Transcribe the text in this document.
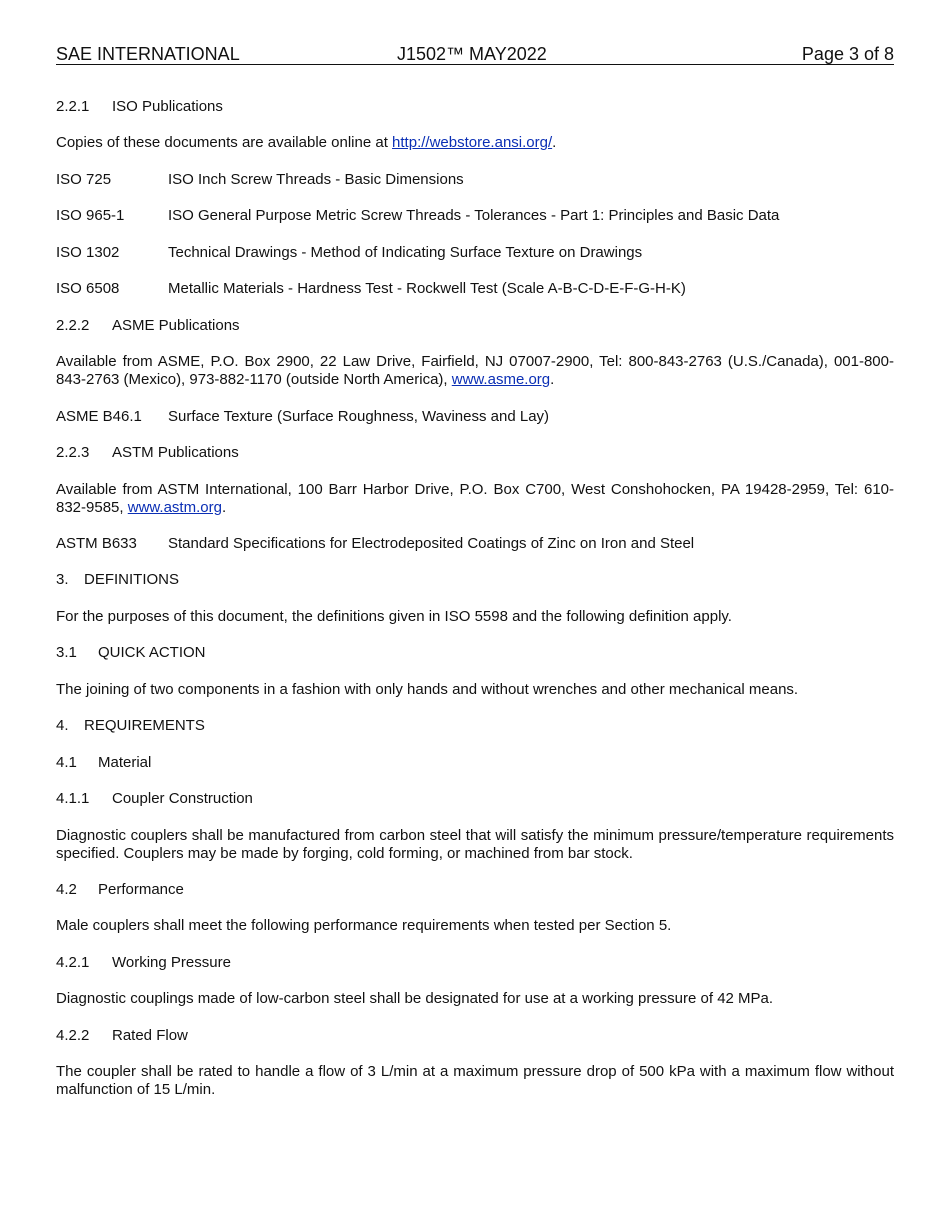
SAE INTERNATIONAL	J1502™ MAY2022	Page 3 of 8
2.2.1 ISO Publications
Copies of these documents are available online at http://webstore.ansi.org/.
ISO 725	ISO Inch Screw Threads - Basic Dimensions
ISO 965-1	ISO General Purpose Metric Screw Threads - Tolerances - Part 1: Principles and Basic Data
ISO 1302	Technical Drawings - Method of Indicating Surface Texture on Drawings
ISO 6508	Metallic Materials - Hardness Test - Rockwell Test (Scale A-B-C-D-E-F-G-H-K)
2.2.2 ASME Publications
Available from ASME, P.O. Box 2900, 22 Law Drive, Fairfield, NJ 07007-2900, Tel: 800-843-2763 (U.S./Canada), 001-800-843-2763 (Mexico), 973-882-1170 (outside North America), www.asme.org.
ASME B46.1 Surface Texture (Surface Roughness, Waviness and Lay)
2.2.3 ASTM Publications
Available from ASTM International, 100 Barr Harbor Drive, P.O. Box C700, West Conshohocken, PA 19428-2959, Tel: 610-832-9585, www.astm.org.
ASTM B633 Standard Specifications for Electrodeposited Coatings of Zinc on Iron and Steel
3. DEFINITIONS
For the purposes of this document, the definitions given in ISO 5598 and the following definition apply.
3.1 QUICK ACTION
The joining of two components in a fashion with only hands and without wrenches and other mechanical means.
4. REQUIREMENTS
4.1 Material
4.1.1 Coupler Construction
Diagnostic couplers shall be manufactured from carbon steel that will satisfy the minimum pressure/temperature requirements specified. Couplers may be made by forging, cold forming, or machined from bar stock.
4.2 Performance
Male couplers shall meet the following performance requirements when tested per Section 5.
4.2.1 Working Pressure
Diagnostic couplings made of low-carbon steel shall be designated for use at a working pressure of 42 MPa.
4.2.2 Rated Flow
The coupler shall be rated to handle a flow of 3 L/min at a maximum pressure drop of 500 kPa with a maximum flow without malfunction of 15 L/min.
